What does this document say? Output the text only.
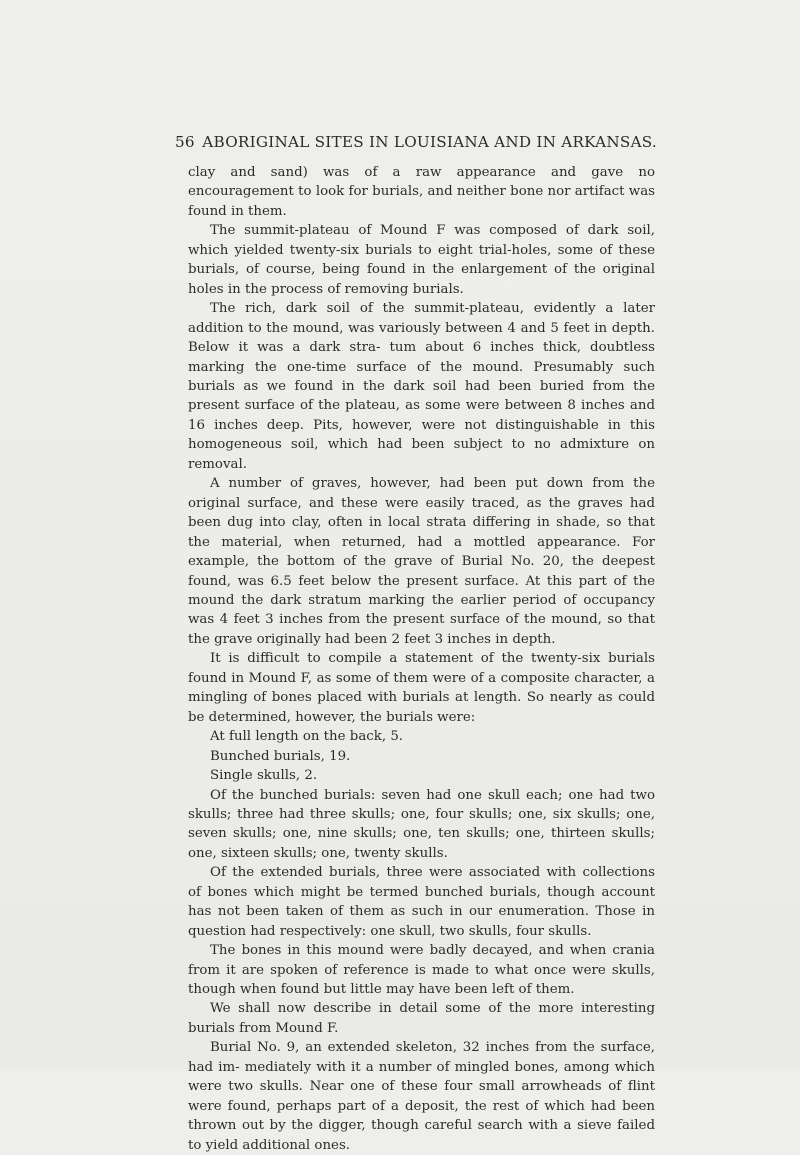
56 ABORIGINAL SITES IN LOUISIANA AND IN ARKANSAS.

clay and sand) was of a raw appearance and gave no encouragement to look for burials, and neither bone nor artifact was found in them.

The summit-plateau of Mound F was composed of dark soil, which yielded twenty-six burials to eight trial-holes, some of these burials, of course, being found in the enlargement of the original holes in the process of removing burials.

The rich, dark soil of the summit-plateau, evidently a later addition to the mound, was variously between 4 and 5 feet in depth. Below it was a dark stra- tum about 6 inches thick, doubtless marking the one-time surface of the mound. Presumably such burials as we found in the dark soil had been buried from the present surface of the plateau, as some were between 8 inches and 16 inches deep. Pits, however, were not distinguishable in this homogeneous soil, which had been subject to no admixture on removal.

A number of graves, however, had been put down from the original surface, and these were easily traced, as the graves had been dug into clay, often in local strata differing in shade, so that the material, when returned, had a mottled appearance. For example, the bottom of the grave of Burial No. 20, the deepest found, was 6.5 feet below the present surface. At this part of the mound the dark stratum marking the earlier period of occupancy was 4 feet 3 inches from the present surface of the mound, so that the grave originally had been 2 feet 3 inches in depth.

It is difficult to compile a statement of the twenty-six burials found in Mound F, as some of them were of a composite character, a mingling of bones placed with burials at length. So nearly as could be determined, however, the burials were:

At full length on the back, 5.

Bunched burials, 19.

Single skulls, 2.

Of the bunched burials: seven had one skull each; one had two skulls; three had three skulls; one, four skulls; one, six skulls; one, seven skulls; one, nine skulls; one, ten skulls; one, thirteen skulls; one, sixteen skulls; one, twenty skulls.

Of the extended burials, three were associated with collections of bones which might be termed bunched burials, though account has not been taken of them as such in our enumeration. Those in question had respectively: one skull, two skulls, four skulls.

The bones in this mound were badly decayed, and when crania from it are spoken of reference is made to what once were skulls, though when found but little may have been left of them.

We shall now describe in detail some of the more interesting burials from Mound F.

Burial No. 9, an extended skeleton, 32 inches from the surface, had im- mediately with it a number of mingled bones, among which were two skulls. Near one of these four small arrowheads of flint were found, perhaps part of a deposit, the rest of which had been thrown out by the digger, though careful search with a sieve failed to yield additional ones.
